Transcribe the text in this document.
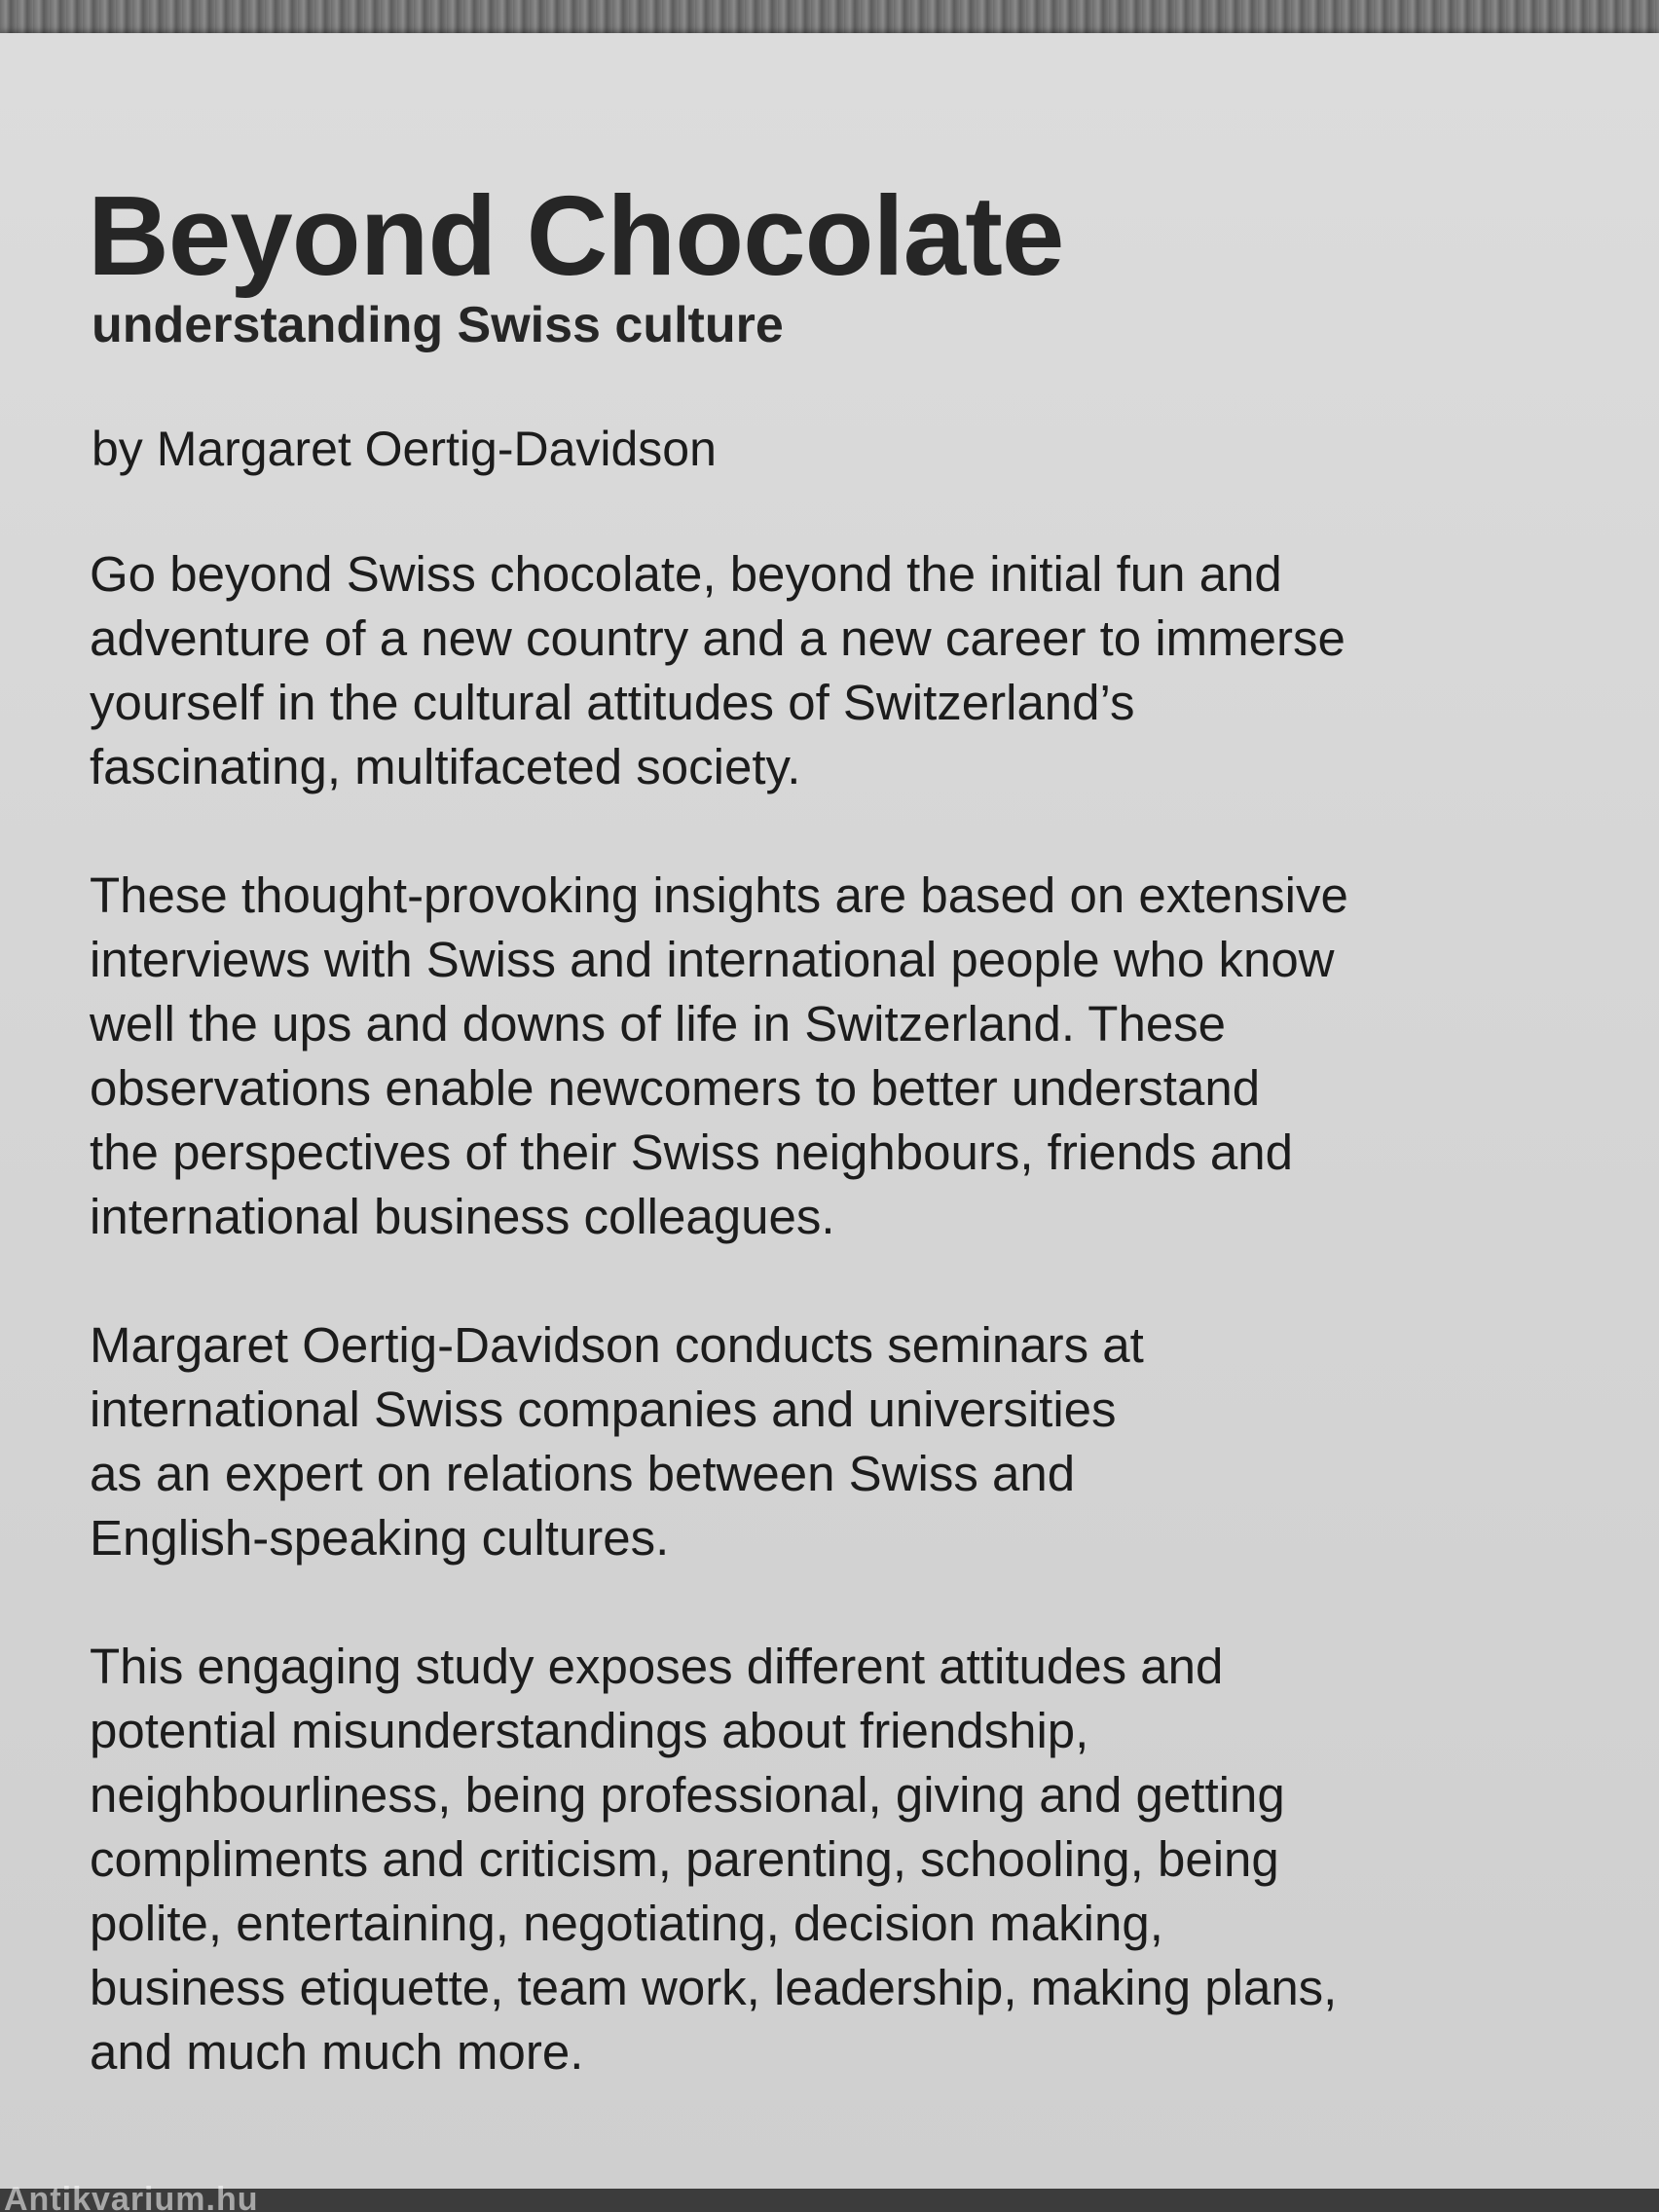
Beyond Chocolate
understanding Swiss culture
by Margaret Oertig-Davidson
Go beyond Swiss chocolate, beyond the initial fun and
adventure of a new country and a new career to immerse
yourself in the cultural attitudes of Switzerland’s
fascinating, multifaceted society.
These thought-provoking insights are based on extensive
interviews with Swiss and international people who know
well the ups and downs of life in Switzerland. These
observations enable newcomers to better understand
the perspectives of their Swiss neighbours, friends and
international business colleagues.
Margaret Oertig-Davidson conducts seminars at
international Swiss companies and universities
as an expert on relations between Swiss and
English-speaking cultures.
This engaging study exposes different attitudes and
potential misunderstandings about friendship,
neighbourliness, being professional, giving and getting
compliments and criticism, parenting, schooling, being
polite, entertaining, negotiating, decision making,
business etiquette, team work, leadership, making plans,
and much much more.
Antikvarium.hu
